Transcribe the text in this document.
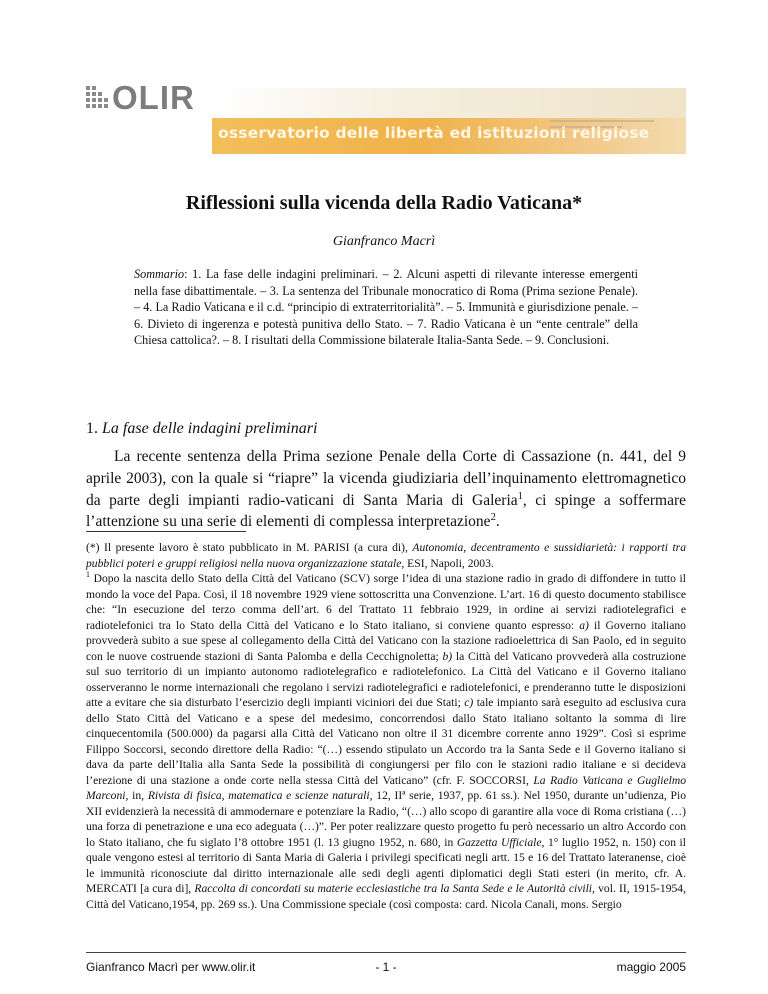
OLIR
osservatorio delle libertà ed istituzioni religiose
Riflessioni sulla vicenda della Radio Vaticana*
Gianfranco Macrì
Sommario: 1. La fase delle indagini preliminari. – 2. Alcuni aspetti di rilevante interesse emergenti nella fase dibattimentale. – 3. La sentenza del Tribunale monocratico di Roma (Prima sezione Penale). – 4. La Radio Vaticana e il c.d. “principio di extraterritorialità”. – 5. Immunità e giurisdizione penale. – 6. Divieto di ingerenza e potestà punitiva dello Stato. – 7. Radio Vaticana è un “ente centrale” della Chiesa cattolica?. – 8. I risultati della Commissione bilaterale Italia-Santa Sede. – 9. Conclusioni.
1. La fase delle indagini preliminari
La recente sentenza della Prima sezione Penale della Corte di Cassazione (n. 441, del 9 aprile 2003), con la quale si “riapre” la vicenda giudiziaria dell’inquinamento elettromagnetico da parte degli impianti radio-vaticani di Santa Maria di Galeria$^1$, ci spinge a soffermare l’attenzione su una serie di elementi di complessa interpretazione$^2$.

(*) Il presente lavoro è stato pubblicato in M. PARISI (a cura di), Autonomia, decentramento e sussidiarietà: i rapporti tra pubblici poteri e gruppi religiosi nella nuova organizzazione statale, ESI, Napoli, 2003.

$^1$ Dopo la nascita dello Stato della Città del Vaticano (SCV) sorge l’idea di una stazione radio in grado di diffondere in tutto il mondo la voce del Papa. Così, il 18 novembre 1929 viene sottoscritta una Convenzione. L’art. 16 di questo documento stabilisce che: “In esecuzione del terzo comma dell’art. 6 del Trattato 11 febbraio 1929, in ordine ai servizi radiotelegrafici e radiotelefonici tra lo Stato della Città del Vaticano e lo Stato italiano, si conviene quanto espresso: a) il Governo italiano provvederà subito a sue spese al collegamento della Città del Vaticano con la stazione radioelettrica di San Paolo, ed in seguito con le nuove costruende stazioni di Santa Palomba e della Cecchignoletta; b) la Città del Vaticano provvederà alla costruzione sul suo territorio di un impianto autonomo radiotelegrafico e radiotelefonico. La Città del Vaticano e il Governo italiano osserveranno le norme internazionali che regolano i servizi radiotelegrafici e radiotelefonici, e prenderanno tutte le disposizioni atte a evitare che sia disturbato l’esercizio degli impianti viciniori dei due Stati; c) tale impianto sarà eseguito ad esclusiva cura dello Stato Città del Vaticano e a spese del medesimo, concorrendosi dallo Stato italiano soltanto la somma di lire cinquecentomila (500.000) da pagarsi alla Città del Vaticano non oltre il 31 dicembre corrente anno 1929”. Così si esprime Filippo Soccorsi, secondo direttore della Radio: “(…) essendo stipulato un Accordo tra la Santa Sede e il Governo italiano si dava da parte dell’Italia alla Santa Sede la possibilità di congiungersi per filo con le stazioni radio italiane e si decideva l’erezione di una stazione a onde corte nella stessa Città del Vaticano” (cfr. F. SOCCORSI, La Radio Vaticana e Guglielmo Marconi, in, Rivista di fisica, matematica e scienze naturali, 12, IIª serie, 1937, pp. 61 ss.). Nel 1950, durante un’udienza, Pio XII evidenzierà la necessità di ammodernare e potenziare la Radio, “(…) allo scopo di garantire alla voce di Roma cristiana (…) una forza di penetrazione e una eco adeguata (…)”. Per poter realizzare questo progetto fu però necessario un altro Accordo con lo Stato italiano, che fu siglato l’8 ottobre 1951 (l. 13 giugno 1952, n. 680, in Gazzetta Ufficiale, 1° luglio 1952, n. 150) con il quale vengono estesi al territorio di Santa Maria di Galeria i privilegi specificati negli artt. 15 e 16 del Trattato lateranense, cioè le immunità riconosciute dal diritto internazionale alle sedi degli agenti diplomatici degli Stati esteri (in merito, cfr. A. MERCATI [a cura di], Raccolta di concordati su materie ecclesiastiche tra la Santa Sede e le Autorità civili, vol. II, 1915-1954, Città del Vaticano,1954, pp. 269 ss.). Una Commissione speciale (così composta: card. Nicola Canali, mons. Sergio

Gianfranco Macrì per www.olir.it	- 1 -	maggio 2005
